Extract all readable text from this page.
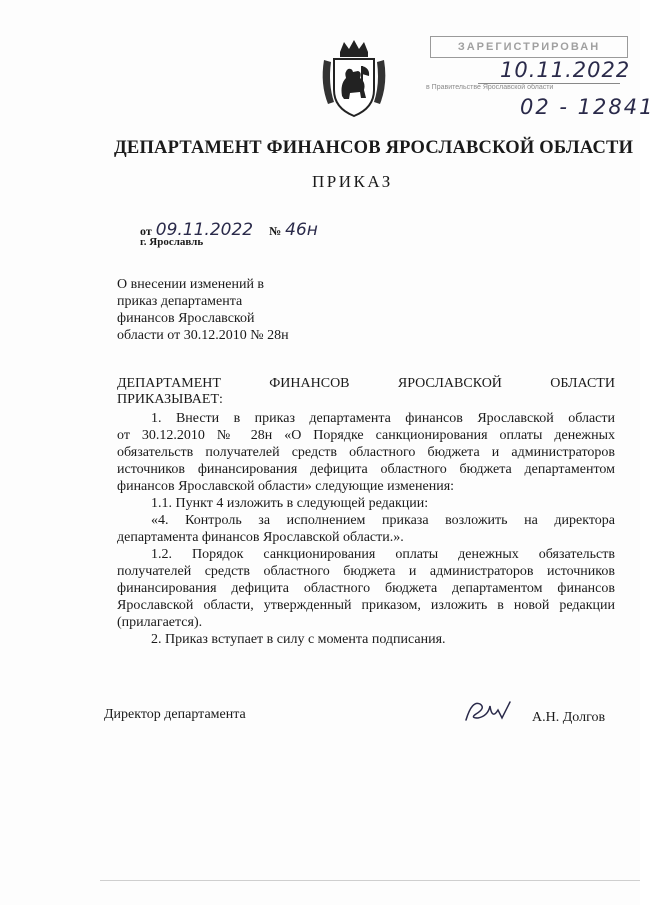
ЗАРЕГИСТРИРОВАН
10.11.2022
в Правительстве Ярославской области
02 - 12841
ДЕПАРТАМЕНТ ФИНАНСОВ ЯРОСЛАВСКОЙ ОБЛАСТИ
ПРИКАЗ
от 09.11.2022 № 46н
г. Ярославль
О внесении изменений в
приказ департамента
финансов Ярославской
области от 30.12.2010 № 28н
ДЕПАРТАМЕНТ	ФИНАНСОВ	ЯРОСЛАВСКОЙ	ОБЛАСТИ
ПРИКАЗЫВАЕТ:
1. Внести в приказ департамента финансов Ярославской области
от 30.12.2010 № 28н «О Порядке санкционирования оплаты денежных
обязательств получателей средств областного бюджета и администраторов
источников финансирования дефицита областного бюджета департаментом
финансов Ярославской области» следующие изменения:
1.1. Пункт 4 изложить в следующей редакции:
«4. Контроль за исполнением приказа возложить на директора
департамента финансов Ярославской области.».
1.2. Порядок санкционирования оплаты денежных обязательств
получателей средств областного бюджета и администраторов источников
финансирования дефицита областного бюджета департаментом финансов
Ярославской области, утвержденный приказом, изложить в новой редакции
(прилагается).
2. Приказ вступает в силу с момента подписания.
Директор департамента	А.Н. Долгов
